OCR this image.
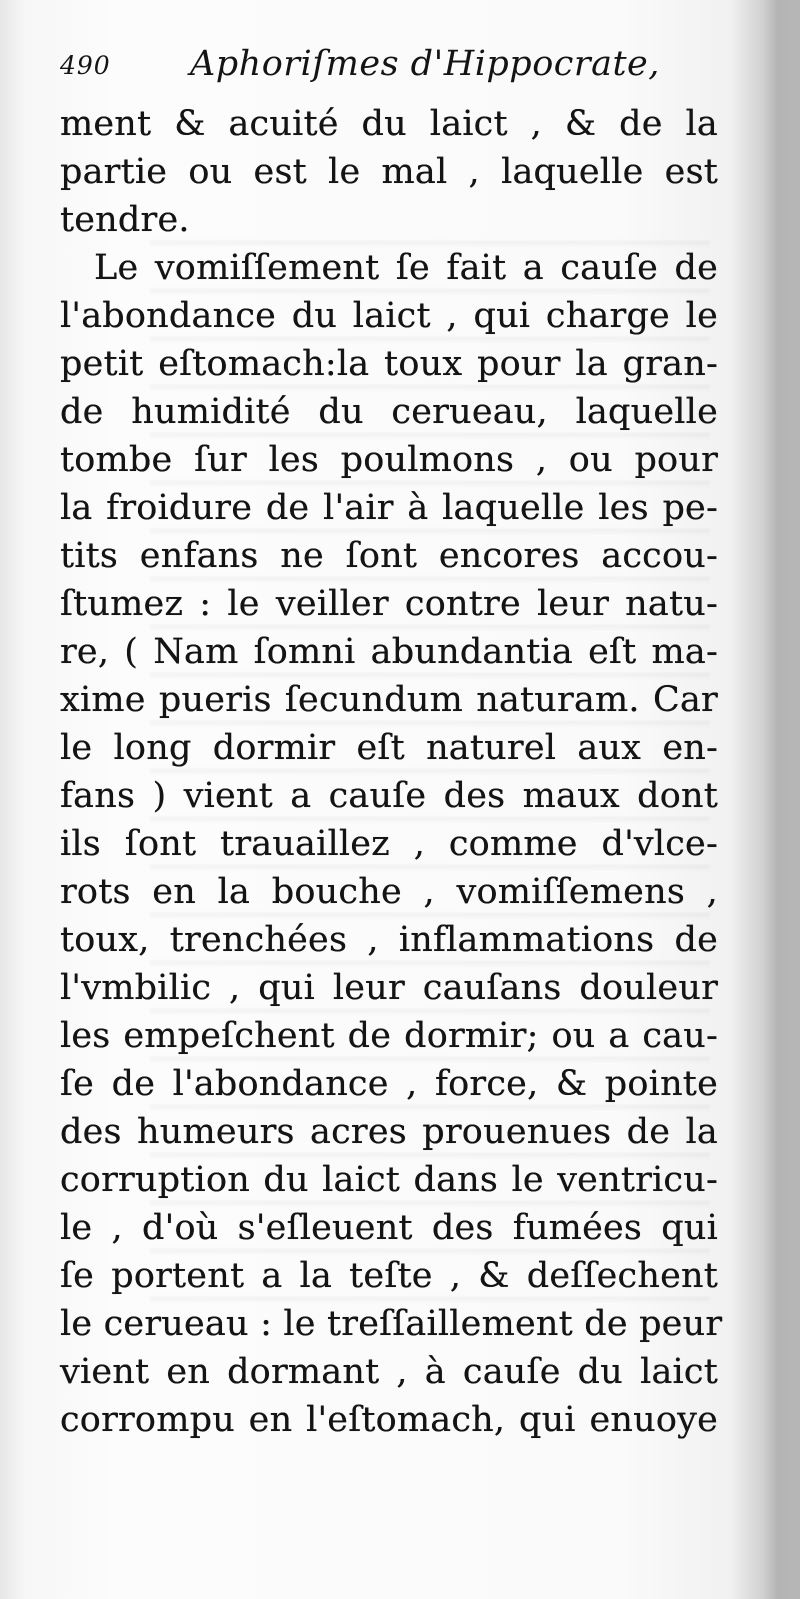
490 Aphoriſmes d'Hippocrate,
ment & acuité du laict , & de la
partie ou est le mal , laquelle est
tendre.
Le vomiſſement ſe fait a cauſe de
l'abondance du laict , qui charge le
petit eſtomach:la toux pour la gran-
de humidité du cerueau, laquelle
tombe ſur les poulmons , ou pour
la froidure de l'air à laquelle les pe-
tits enfans ne ſont encores accou-
ſtumez : le veiller contre leur natu-
re, ( Nam ſomni abundantia eſt ma-
xime pueris ſecundum naturam. Car
le long dormir eſt naturel aux en-
fans ) vient a cauſe des maux dont
ils ſont trauaillez , comme d'vlce-
rots en la bouche , vomiſſemens ,
toux, trenchées , inflammations de
l'vmbilic , qui leur cauſans douleur
les empeſchent de dormir; ou a cau-
ſe de l'abondance , force, & pointe
des humeurs acres prouenues de la
corruption du laict dans le ventricu-
le , d'où s'eſleuent des fumées qui
ſe portent a la teſte , & deſſechent
le cerueau : le treſſaillement de peur
vient en dormant , à cauſe du laict
corrompu en l'eſtomach, qui enuoye
